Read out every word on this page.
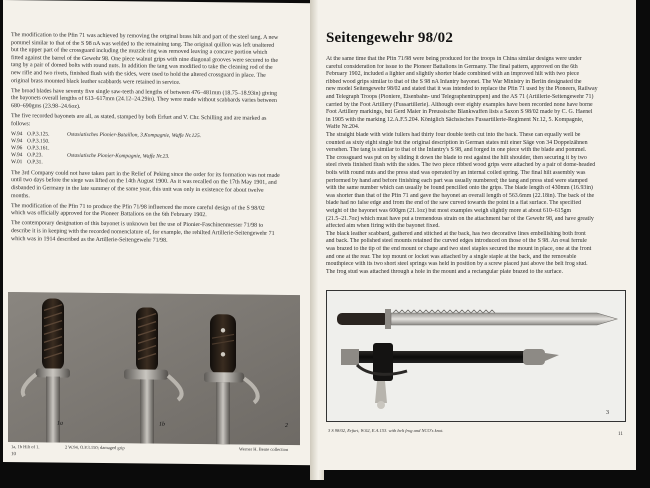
The modification to the Pfin 71 was achieved by removing the original brass hilt and part of the steel tang. A new
pommel similar to that of the S 98 nA was welded to the remaining tang. The original quillon was left unaltered
but the upper part of the crossguard including the muzzle ring was removed leaving a concave portion which
fitted against the barrel of the Gewehr 98. One piece walnut grips with nine diagonal grooves were secured to the
tang by a pair of domed bolts with round nuts. In addition the tang was modified to take the cleaning rod of the
new rifle and two rivets, finished flush with the sides, were used to hold the altered crossguard in place. The
original brass mounted black leather scabbards were retained in service.
The broad blades have seventy five single saw-teeth and lengths of between 476–481mm (18.75–18.93in) giving
the bayonets overall lengths of 613–617mm (24.12–24.29in). They were made without scabbards varies between
680–690gms (23.98–24.6oz).
The five recorded bayonets are all, as stated, stamped by both Erfurt and V. Chr. Schilling and are marked as
follows:
W.94 O.P.3.125.	Ostasiatisches Pionier-Bataillon, 3.Kompagnie, Waffe Nr.125.
W.94 O.P.3.150.
W.96 O.P.3.161.
W.94 O.P.23.	Ostasiatische Pionier-Kompagnie, Waffe Nr.23.
W.01 O.P.31.
The 3rd Company could not have taken part in the Relief of Peking since the order for its formation was not made
until two days before the siege was lifted on the 14th August 1900. As it was recalled on the 17th May 1901, and
disbanded in Germany in the late summer of the same year, this unit was only in existence for about twelve
months.
The modification of the Pfin 71 to produce the Pfin 71/98 influenced the more careful design of the S 98/02
which was officially approved for the Pioneer Battalions on the 6th February 1902.
The contemporary designation of this bayonet is unknown but the use of Pionier-Faschinenmesser 71/98 to
describe it is in keeping with the recorded nomenclature of, for example, the rehilted Artillerie-Seitengewehr 71
which was in 1914 described as the Artillerie-Seitengewehr 71/98.
1a	1b	2
1a, 1b Hilt of 1.	2 W.94, O.P.3.150; damaged grip	Werner H. Bente collection
10
Seitengewehr 98/02
At the same time that the Pfin 71/98 were being produced for the troops in China similar designs were under
careful consideration for issue to the Pioneer Battalions in Germany. The final pattern, approved on the 6th
February 1902, included a lighter and slightly shorter blade combined with an improved hilt with two piece
ribbed wood grips similar to that of the S 98 nA Infantry bayonet. The War Ministry in Berlin designated the
new model Seitengewehr 98/02 and stated that it was intended to replace the Pfin 71 used by the Pioneers, Railway
and Telegraph Troops (Pioniere, Eisenbahn- und Telegraphentruppen) and the AS 71 (Artillerie-Seitengewehr 71)
carried by the Foot Artillery (Fussartillerie). Although over eighty examples have been recorded none have borne
Foot Artillery markings, but Gerd Maier in Preussische Blankwaffen lists a Saxon S 98/02 made by C. G. Haenel
in 1905 with the marking 12.A.F.5.204. Königlich Sächsisches Fussartillerie-Regiment Nr.12, 5. Kompagnie,
Waffe Nr.204.
The straight blade with wide fullers had thirty four double teeth cut into the back. These can equally well be
counted as sixty eight single but the original description in German states mit einer Säge von 34 Doppelzähnen
versehen. The tang is similar to that of the Infantry's S 98, and forged in one piece with the blade and pommel.
The crossguard was put on by sliding it down the blade to rest against the hilt shoulder, then securing it by two
steel rivets finished flush with the sides. The two piece ribbed wood grips were attached by a pair of dome-headed
bolts with round nuts and the press stud was operated by an internal coiled spring. The final hilt assembly was
performed by hand and before finishing each part was usually numbered; the tang and press stud were stamped
with the same number which can usually be found pencilled onto the grips. The blade length of 430mm (16.93in)
was shorter than that of the Pfin 71 and gave the bayonet an overall length of 563.6mm (22.18in). The back of the
blade had no false edge and from the end of the saw curved towards the point in a flat surface. The specified
weight of the bayonet was 600gm (21.1oz) but most examples weigh slightly more at about 610–615gm
(21.5–21.7oz) which must have put a tremendous strain on the attachment bar of the Gewehr 98, and have greatly
affected aim when firing with the bayonet fixed.
The black leather scabbard, gathered and stitched at the back, has two decorative lines embellishing both front
and back. The polished steel mounts retained the curved edges introduced on those of the S 98. An oval ferrule
was brazed to the tip of the end mount or chape and two steel staples secured the mount in place, one at the front
and one at the rear. The top mount or locket was attached by a single staple at the back, and the removable
mouthpiece with its two short steel springs was held in position by a screw placed just above the belt frog stud.
The frog stud was attached through a hole in the mount and a rectangular plate brazed to the surface.
3
3 S 98/02, Erfurt, W.02, E.A.153. with belt frog and NCO's knot.
11
